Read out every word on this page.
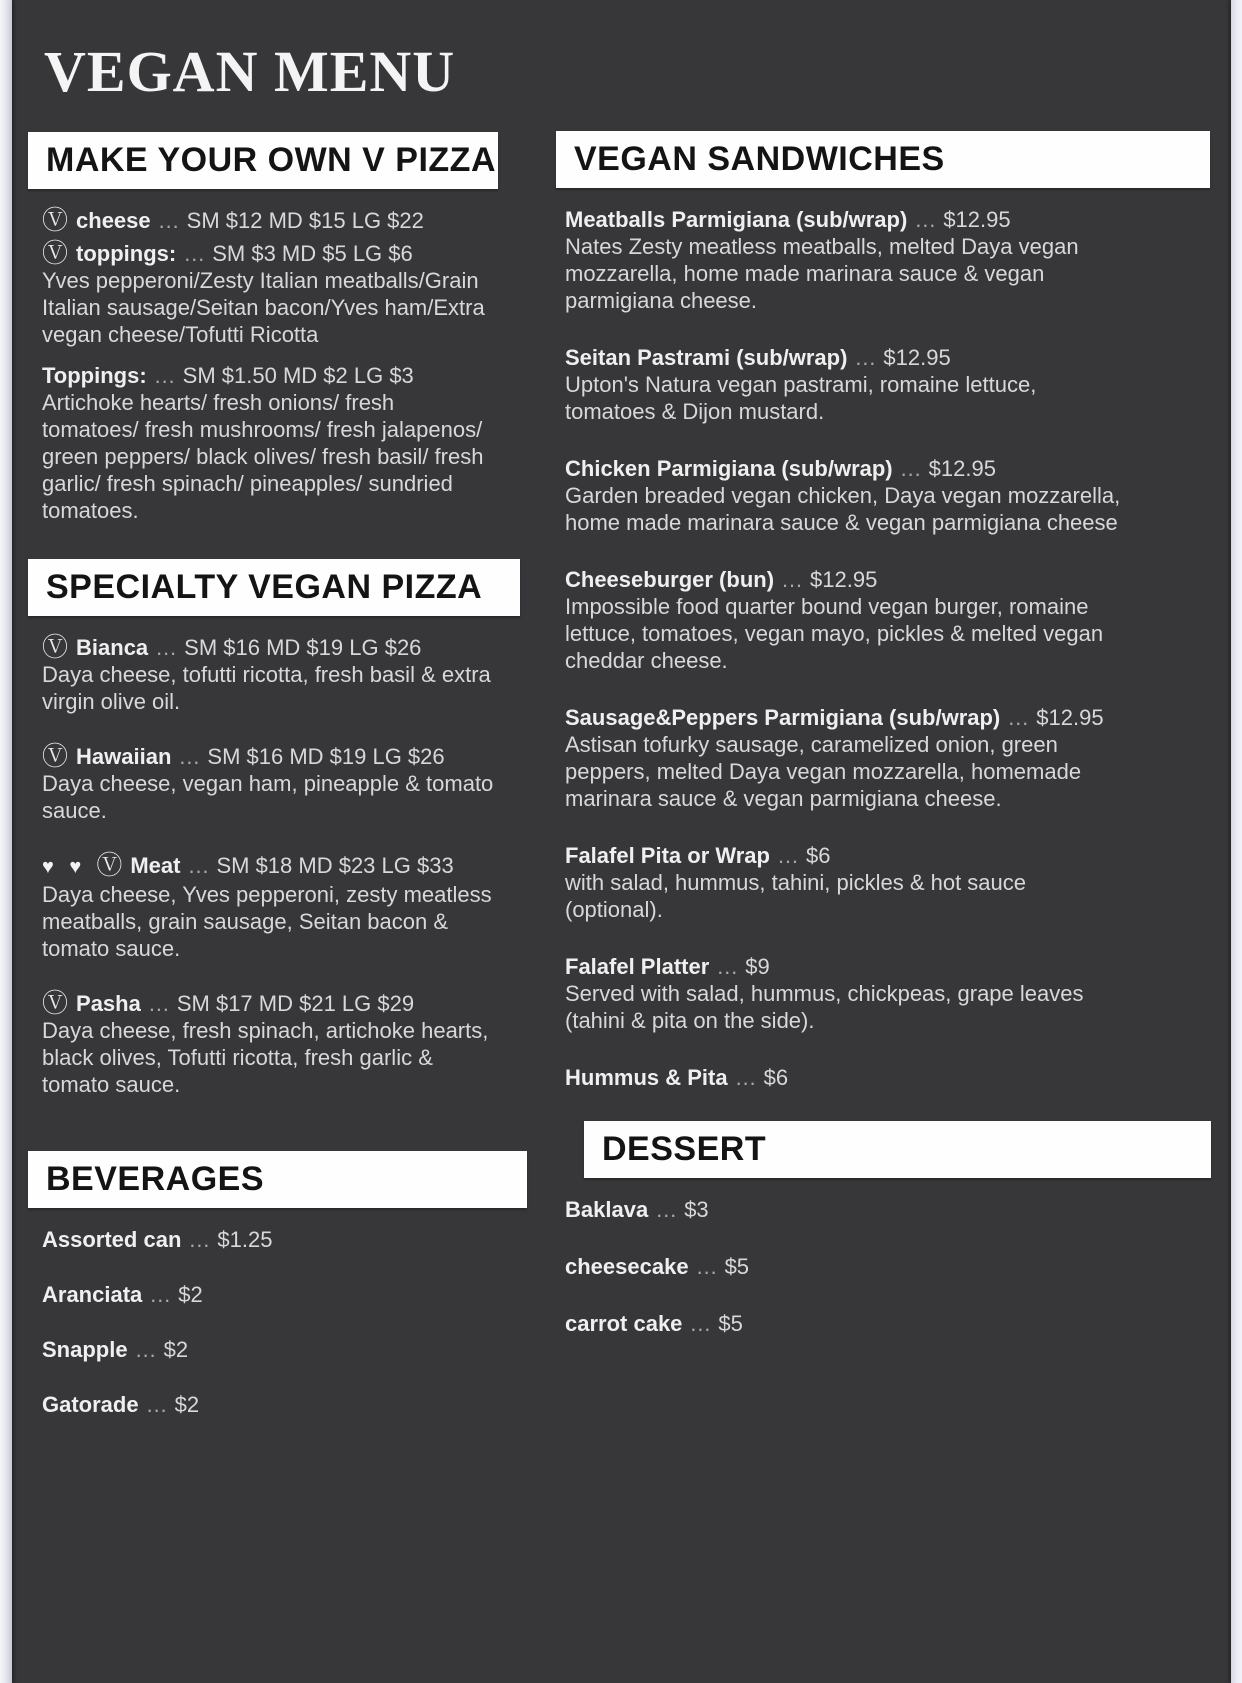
VEGAN MENU
MAKE YOUR OWN V PIZZA

Ⓥ cheese … SM $12 MD $15 LG $22

Ⓥ toppings: … SM $3 MD $5 LG $6

Yves pepperoni/Zesty Italian meatballs/Grain Italian sausage/Seitan bacon/Yves ham/Extra vegan cheese/Tofutti Ricotta

Toppings: … SM $1.50 MD $2 LG $3

Artichoke hearts/ fresh onions/ fresh tomatoes/ fresh mushrooms/ fresh jalapenos/ green peppers/ black olives/ fresh basil/ fresh garlic/ fresh spinach/ pineapples/ sundried tomatoes.

SPECIALTY VEGAN PIZZA

Ⓥ Bianca … SM $16 MD $19 LG $26

Daya cheese, tofutti ricotta, fresh basil & extra virgin olive oil.

Ⓥ Hawaiian … SM $16 MD $19 LG $26

Daya cheese, vegan ham, pineapple & tomato sauce.

♥ ♥ Ⓥ Meat … SM $18 MD $23 LG $33

Daya cheese, Yves pepperoni, zesty meatless meatballs, grain sausage, Seitan bacon & tomato sauce.

Ⓥ Pasha … SM $17 MD $21 LG $29

Daya cheese, fresh spinach, artichoke hearts, black olives, Tofutti ricotta, fresh garlic & tomato sauce.

BEVERAGES

Assorted can … $1.25

Aranciata … $2

Snapple … $2

Gatorade … $2

VEGAN SANDWICHES

Meatballs Parmigiana (sub/wrap) … $12.95

Nates Zesty meatless meatballs, melted Daya vegan mozzarella, home made marinara sauce & vegan parmigiana cheese.

Seitan Pastrami (sub/wrap) … $12.95

Upton's Natura vegan pastrami, romaine lettuce, tomatoes & Dijon mustard.

Chicken Parmigiana (sub/wrap) … $12.95

Garden breaded vegan chicken, Daya vegan mozzarella, home made marinara sauce & vegan parmigiana cheese

Cheeseburger (bun) … $12.95

Impossible food quarter bound vegan burger, romaine lettuce, tomatoes, vegan mayo, pickles & melted vegan cheddar cheese.

Sausage&Peppers Parmigiana (sub/wrap) … $12.95

Astisan tofurky sausage, caramelized onion, green peppers, melted Daya vegan mozzarella, homemade marinara sauce & vegan parmigiana cheese.

Falafel Pita or Wrap … $6

with salad, hummus, tahini, pickles & hot sauce (optional).

Falafel Platter … $9

Served with salad, hummus, chickpeas, grape leaves (tahini & pita on the side).

Hummus & Pita … $6

DESSERT

Baklava … $3

cheesecake … $5

carrot cake … $5
